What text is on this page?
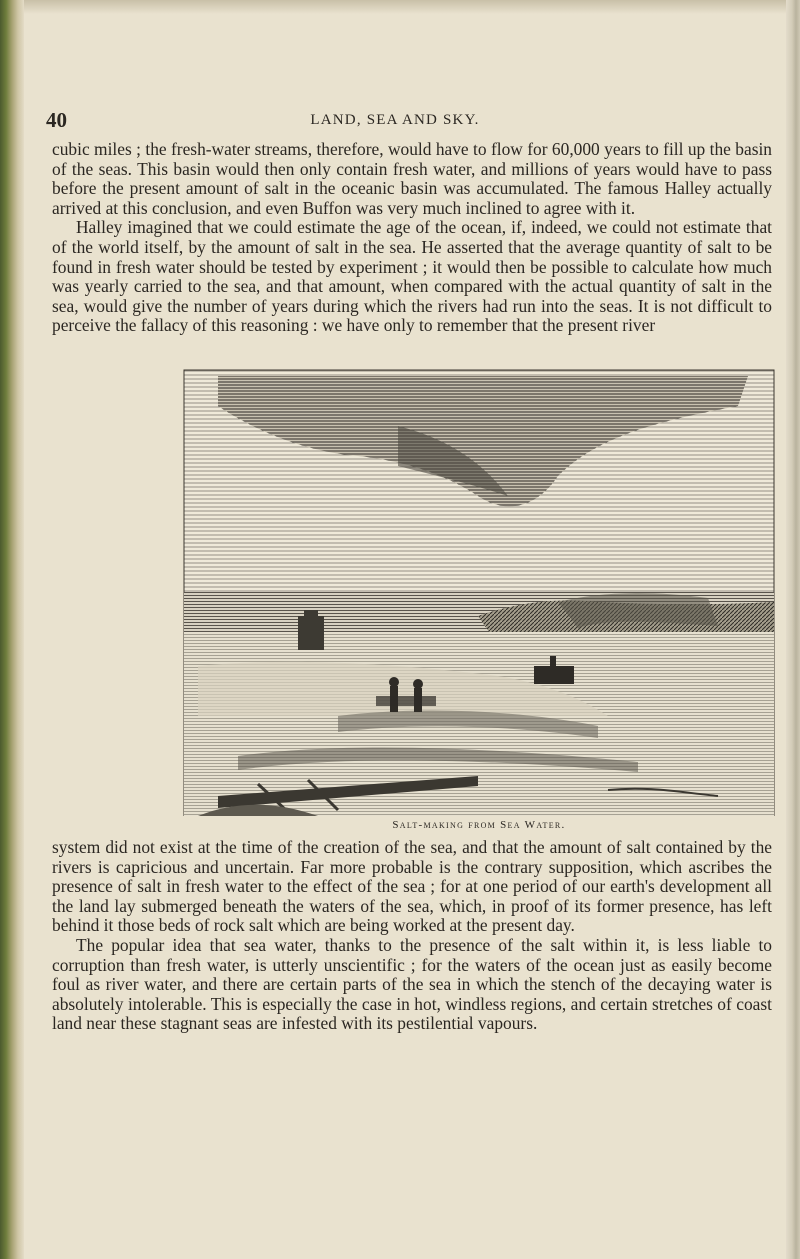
40	LAND, SEA AND SKY.

cubic miles ; the fresh-water streams, therefore, would have to flow for 60,000 years to fill up the basin of the seas. This basin would then only contain fresh water, and millions of years would have to pass before the present amount of salt in the oceanic basin was accumulated. The famous Halley actually arrived at this conclusion, and even Buffon was very much inclined to agree with it.

Halley imagined that we could estimate the age of the ocean, if, indeed, we could not estimate that of the world itself, by the amount of salt in the sea. He asserted that the average quantity of salt to be found in fresh water should be tested by experiment ; it would then be possible to calculate how much was yearly carried to the sea, and that amount, when compared with the actual quantity of salt in the sea, would give the number of years during which the rivers had run into the seas. It is not difficult to perceive the fallacy of this reasoning : we have only to remember that the present river

Salt-making from Sea Water.

system did not exist at the time of the creation of the sea, and that the amount of salt contained by the rivers is capricious and uncertain. Far more probable is the contrary supposition, which ascribes the presence of salt in fresh water to the effect of the sea ; for at one period of our earth's development all the land lay submerged beneath the waters of the sea, which, in proof of its former presence, has left behind it those beds of rock salt which are being worked at the present day.

The popular idea that sea water, thanks to the presence of the salt within it, is less liable to corruption than fresh water, is utterly unscientific ; for the waters of the ocean just as easily become foul as river water, and there are certain parts of the sea in which the stench of the decaying water is absolutely intolerable. This is especially the case in hot, windless regions, and certain stretches of coast land near these stagnant seas are infested with its pestilential vapours.
